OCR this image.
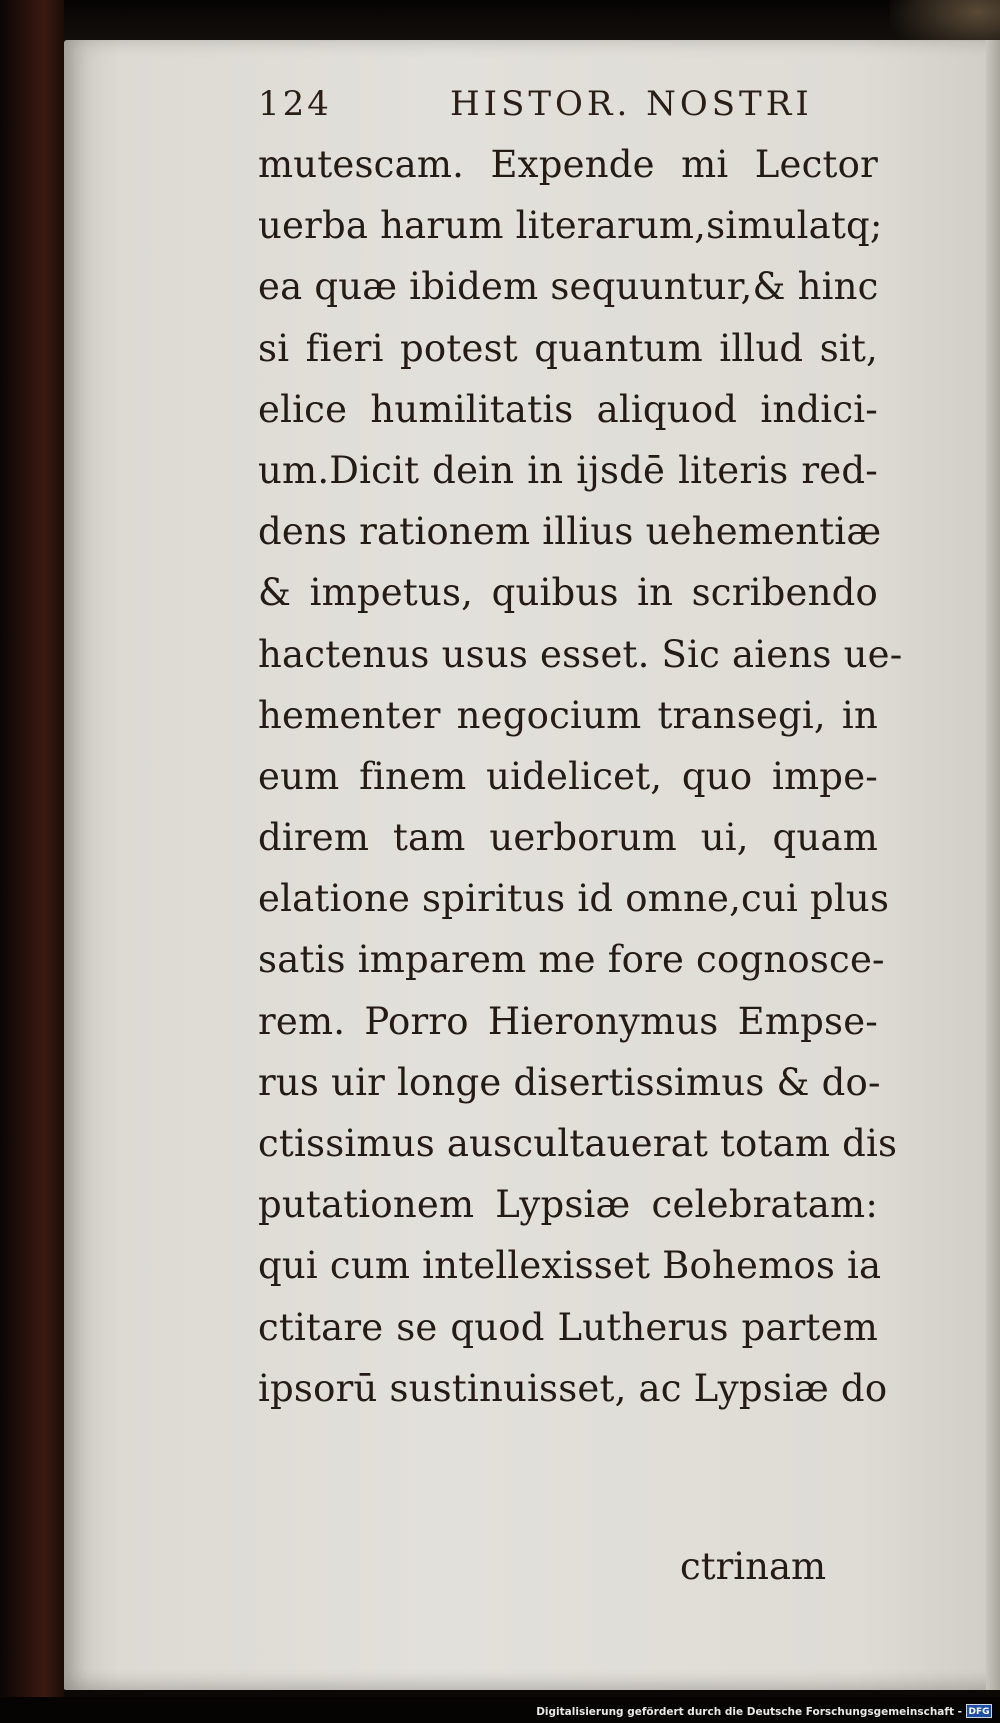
124	HISTOR. NOSTRI
mutescam. Expende mi Lector
uerba harum literarum,simulatq;
ea quæ ibidem sequuntur,& hinc
si fieri potest quantum illud sit,
elice humilitatis aliquod indici-
um.Dicit dein in ijsdē literis red-
dens rationem illius uehementiæ
& impetus, quibus in scribendo
hactenus usus esset. Sic aiens ue-
hementer negocium transegi, in
eum finem uidelicet, quo impe-
direm tam uerborum ui, quam
elatione spiritus id omne,cui plus
satis imparem me fore cognosce-
rem. Porro Hieronymus Empse-
rus uir longe disertissimus & do-
ctissimus auscultauerat totam dis
putationem Lypsiæ celebratam:
qui cum intellexisset Bohemos ia
ctitare se quod Lutherus partem
ipsorū sustinuisset, ac Lypsiæ do
ctrinam
Digitalisierung gefördert durch die Deutsche Forschungsgemeinschaft - DFG
